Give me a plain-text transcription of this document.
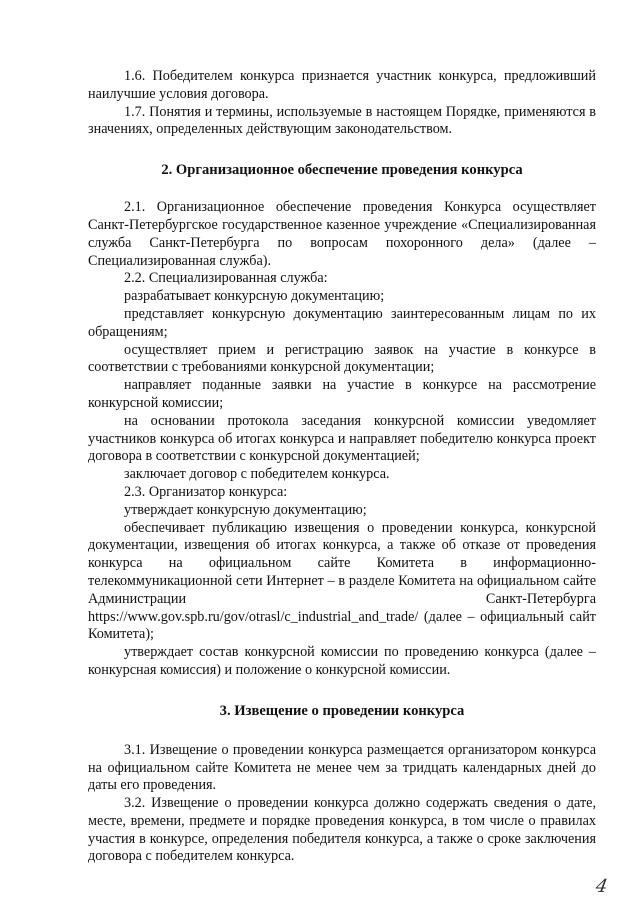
1.6. Победителем конкурса признается участник конкурса, предложивший наилучшие условия договора.

1.7. Понятия и термины, используемые в настоящем Порядке, применяются в значениях, определенных действующим законодательством.

2. Организационное обеспечение проведения конкурса

2.1. Организационное обеспечение проведения Конкурса осуществляет Санкт-Петербургское государственное казенное учреждение «Специализированная служба Санкт-Петербурга по вопросам похоронного дела» (далее – Специализированная служба).

2.2. Специализированная служба:

разрабатывает конкурсную документацию;

представляет конкурсную документацию заинтересованным лицам по их обращениям;

осуществляет прием и регистрацию заявок на участие в конкурсе в соответствии с требованиями конкурсной документации;

направляет поданные заявки на участие в конкурсе на рассмотрение конкурсной комиссии;

на основании протокола заседания конкурсной комиссии уведомляет участников конкурса об итогах конкурса и направляет победителю конкурса проект договора в соответствии с конкурсной документацией;

заключает договор с победителем конкурса.

2.3. Организатор конкурса:

утверждает конкурсную документацию;

обеспечивает публикацию извещения о проведении конкурса, конкурсной документации, извещения об итогах конкурса, а также об отказе от проведения конкурса на официальном сайте Комитета в информационно-телекоммуникационной сети Интернет – в разделе Комитета на официальном сайте Администрации Санкт-Петербурга https://www.gov.spb.ru/gov/otrasl/c_industrial_and_trade/ (далее – официальный сайт Комитета);

утверждает состав конкурсной комиссии по проведению конкурса (далее – конкурсная комиссия) и положение о конкурсной комиссии.

3. Извещение о проведении конкурса

3.1. Извещение о проведении конкурса размещается организатором конкурса на официальном сайте Комитета не менее чем за тридцать календарных дней до даты его проведения.

3.2. Извещение о проведении конкурса должно содержать сведения о дате, месте, времени, предмете и порядке проведения конкурса, в том числе о правилах участия в конкурсе, определения победителя конкурса, а также о сроке заключения договора с победителем конкурса.

4
